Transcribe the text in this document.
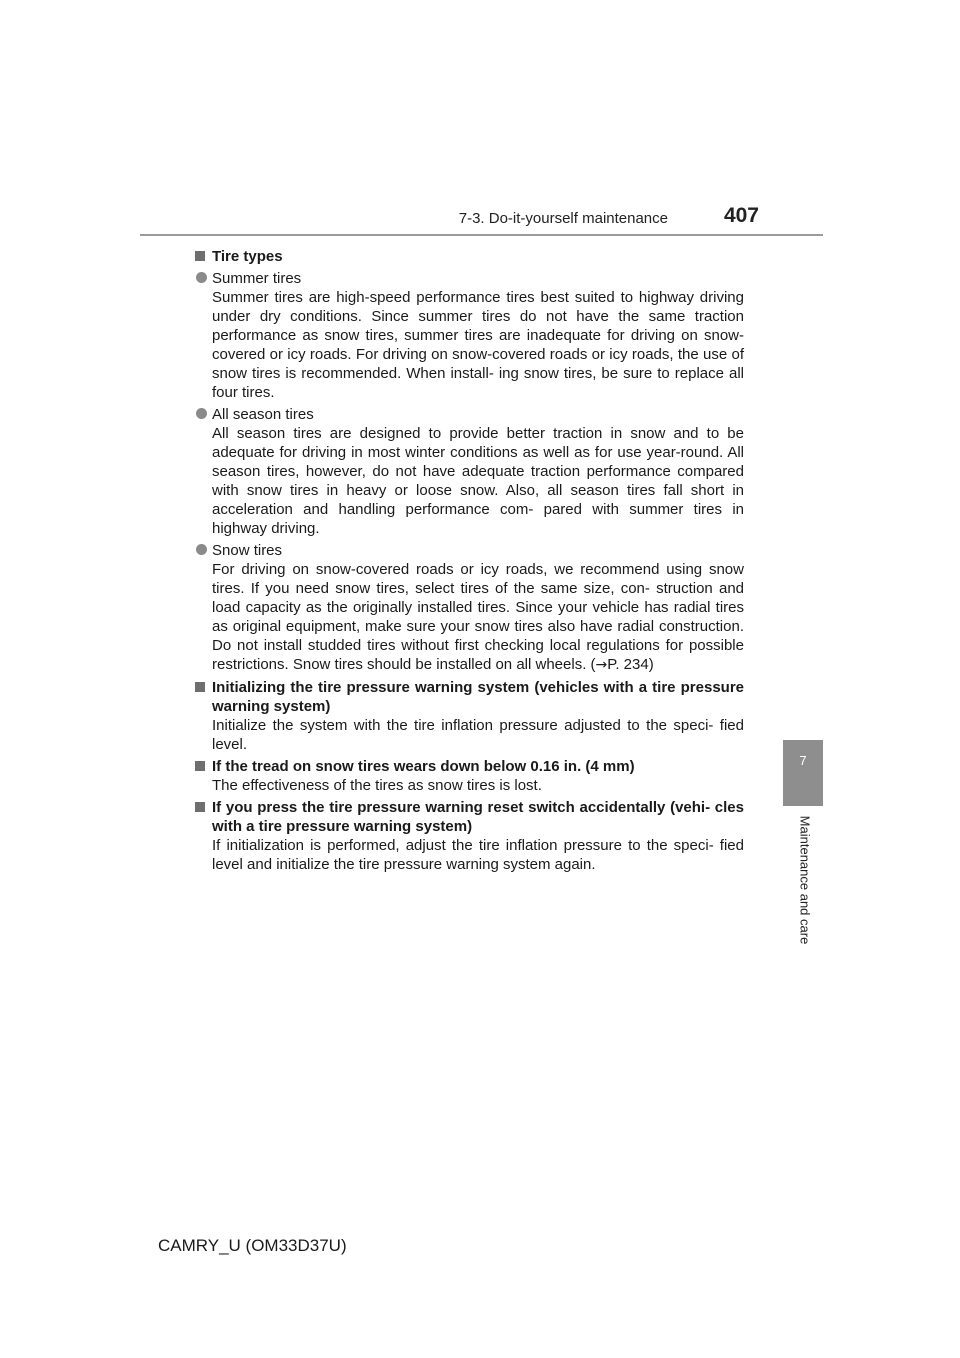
7-3. Do-it-yourself maintenance	407
7
Maintenance and care
Tire types
Summer tires
Summer tires are high-speed performance tires best suited to highway driving under dry conditions. Since summer tires do not have the same traction performance as snow tires, summer tires are inadequate for driving on snow-covered or icy roads. For driving on snow-covered roads or icy roads, the use of snow tires is recommended. When install- ing snow tires, be sure to replace all four tires.
All season tires
All season tires are designed to provide better traction in snow and to be adequate for driving in most winter conditions as well as for use year-round. All season tires, however, do not have adequate traction performance compared with snow tires in heavy or loose snow. Also, all season tires fall short in acceleration and handling performance com- pared with summer tires in highway driving.
Snow tires
For driving on snow-covered roads or icy roads, we recommend using snow tires. If you need snow tires, select tires of the same size, con- struction and load capacity as the originally installed tires. Since your vehicle has radial tires as original equipment, make sure your snow tires also have radial construction. Do not install studded tires without first checking local regulations for possible restrictions. Snow tires should be installed on all wheels. (→P. 234)
Initializing the tire pressure warning system (vehicles with a tire pressure warning system)
Initialize the system with the tire inflation pressure adjusted to the speci- fied level.
If the tread on snow tires wears down below 0.16 in. (4 mm)
The effectiveness of the tires as snow tires is lost.
If you press the tire pressure warning reset switch accidentally (vehi- cles with a tire pressure warning system)
If initialization is performed, adjust the tire inflation pressure to the speci- fied level and initialize the tire pressure warning system again.
CAMRY_U (OM33D37U)
